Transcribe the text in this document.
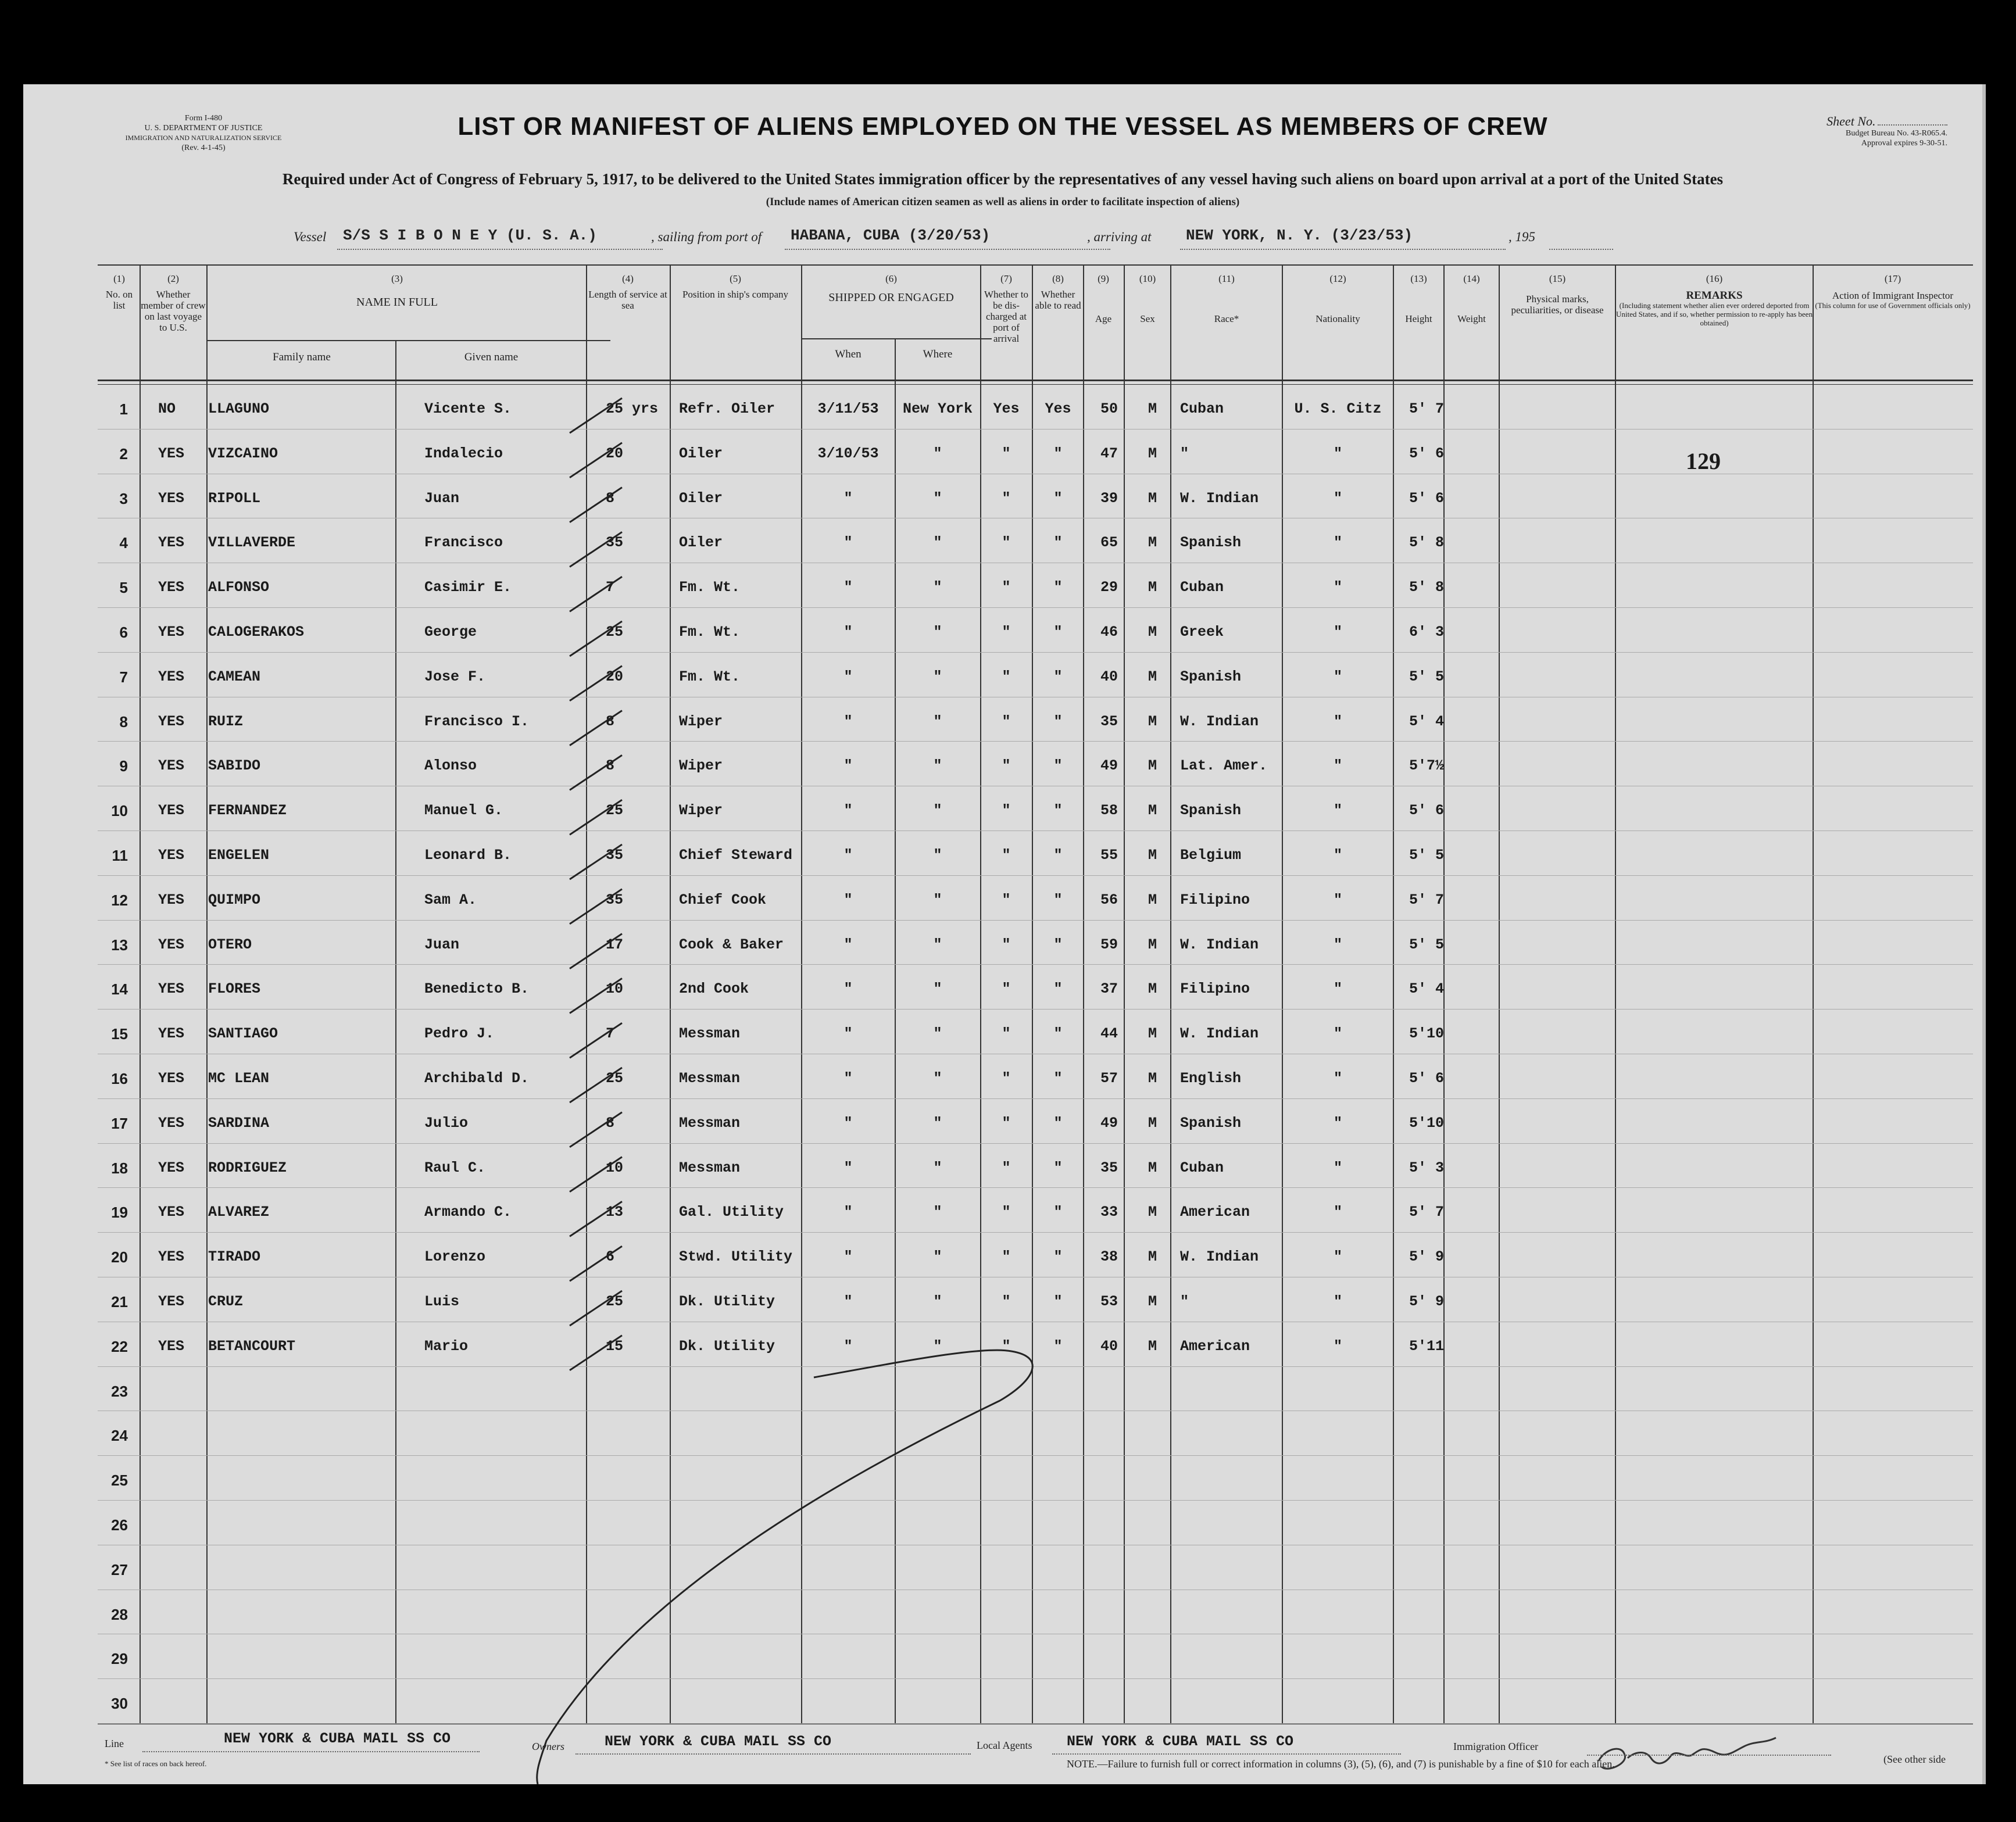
Form I-480
U. S. DEPARTMENT OF JUSTICE
IMMIGRATION AND NATURALIZATION SERVICE
(Rev. 4-1-45)
LIST OR MANIFEST OF ALIENS EMPLOYED ON THE VESSEL AS MEMBERS OF CREW	Sheet No.
Budget Bureau No. 43-R065.4.
Approval expires 9-30-51.
Required under Act of Congress of February 5, 1917, to be delivered to the United States immigration officer by the representatives of any vessel having such aliens on board upon arrival at a port of the United States
(Include names of American citizen seamen as well as aliens in order to facilitate inspection of aliens)
Vessel S/S S I B O N E Y (U. S. A.)	, sailing from port of HABANA, CUBA (3/20/53)	, arriving at NEW YORK, N. Y. (3/23/53)	, 195
(1)
No. on list
(2)
Whether member of crew on last voyage to U.S.
(3)
NAME IN FULL
Family name	Given name
(4)
Length of service at sea
(5)
Position in ship's company
(6)
SHIPPED OR ENGAGED
When	Where
(7)
Whether to be dis-charged at port of arrival
(8)
Whether able to read
(9)
Age
(10)
Sex
(11)
Race*
(12)
Nationality
(13)
Height
(14)
Weight
(15)
Physical marks, peculiarities, or disease
(16)
REMARKS
(Including statement whether alien ever ordered deported from United States, and if so, whether permission to re-apply has been obtained)
(17)
Action of Immigrant Inspector
(This column for use of Government officials only)
1 NO LLAGUNO	Vicente S.	25 yrs Refr. Oiler	3/11/53	New York	Yes	Yes	50 M Cuban	U. S. Citz	5' 7
2 YES VIZCAINO	Indalecio	20	Oiler	3/10/53	"	"	"	47 M "	"	5' 6
3 YES RIPOLL	Juan	8	Oiler	"	"	"	"	39 M W. Indian	"	5' 6
4 YES VILLAVERDE	Francisco	35	Oiler	"	"	"	"	65 M Spanish	"	5' 8
5 YES ALFONSO	Casimir E.	7	Fm. Wt.	"	"	"	"	29 M Cuban	"	5' 8
6 YES CALOGERAKOS	George	25	Fm. Wt.	"	"	"	"	46 M Greek	"	6' 3
7 YES CAMEAN	Jose F.	20	Fm. Wt.	"	"	"	"	40 M Spanish	"	5' 5
8 YES RUIZ	Francisco I.	8	Wiper	"	"	"	"	35 M W. Indian	"	5' 4
9 YES SABIDO	Alonso	8	Wiper	"	"	"	"	49 M Lat. Amer.	"	5'7½
10 YES FERNANDEZ	Manuel G.	25	Wiper	"	"	"	"	58 M Spanish	"	5' 6
11 YES ENGELEN	Leonard B.	35	Chief Steward	"	"	"	"	55 M Belgium	"	5' 5
12 YES QUIMPO	Sam A.	35	Chief Cook	"	"	"	"	56 M Filipino	"	5' 7
13 YES OTERO	Juan	17	Cook & Baker	"	"	"	"	59 M W. Indian	"	5' 5
14 YES FLORES	Benedicto B.	10	2nd Cook	"	"	"	"	37 M Filipino	"	5' 4
15 YES SANTIAGO	Pedro J.	7	Messman	"	"	"	"	44 M W. Indian	"	5'10
16 YES MC LEAN	Archibald D.	25	Messman	"	"	"	"	57 M English	"	5' 6
17 YES SARDINA	Julio	8	Messman	"	"	"	"	49 M Spanish	"	5'10
18 YES RODRIGUEZ	Raul C.	10	Messman	"	"	"	"	35 M Cuban	"	5' 3
19 YES ALVAREZ	Armando C.	13	Gal. Utility	"	"	"	"	33 M American	"	5' 7
20 YES TIRADO	Lorenzo	6	Stwd. Utility	"	"	"	"	38 M W. Indian	"	5' 9
21 YES CRUZ	Luis	25	Dk. Utility	"	"	"	"	53 M "	"	5' 9
22 YES BETANCOURT	Mario	15	Dk. Utility	"	"	"	"	40 M American	"	5'11
23
24
25
26
27
28
29
30
129
Line	NEW YORK & CUBA MAIL SS CO	Owners	NEW YORK & CUBA MAIL SS CO	Local Agents NEW YORK & CUBA MAIL SS CO	Immigration Officer
* See list of races on back hereof.	NOTE.—Failure to furnish full or correct information in columns (3), (5), (6), and (7) is punishable by a fine of $10 for each alien.	(See other side
